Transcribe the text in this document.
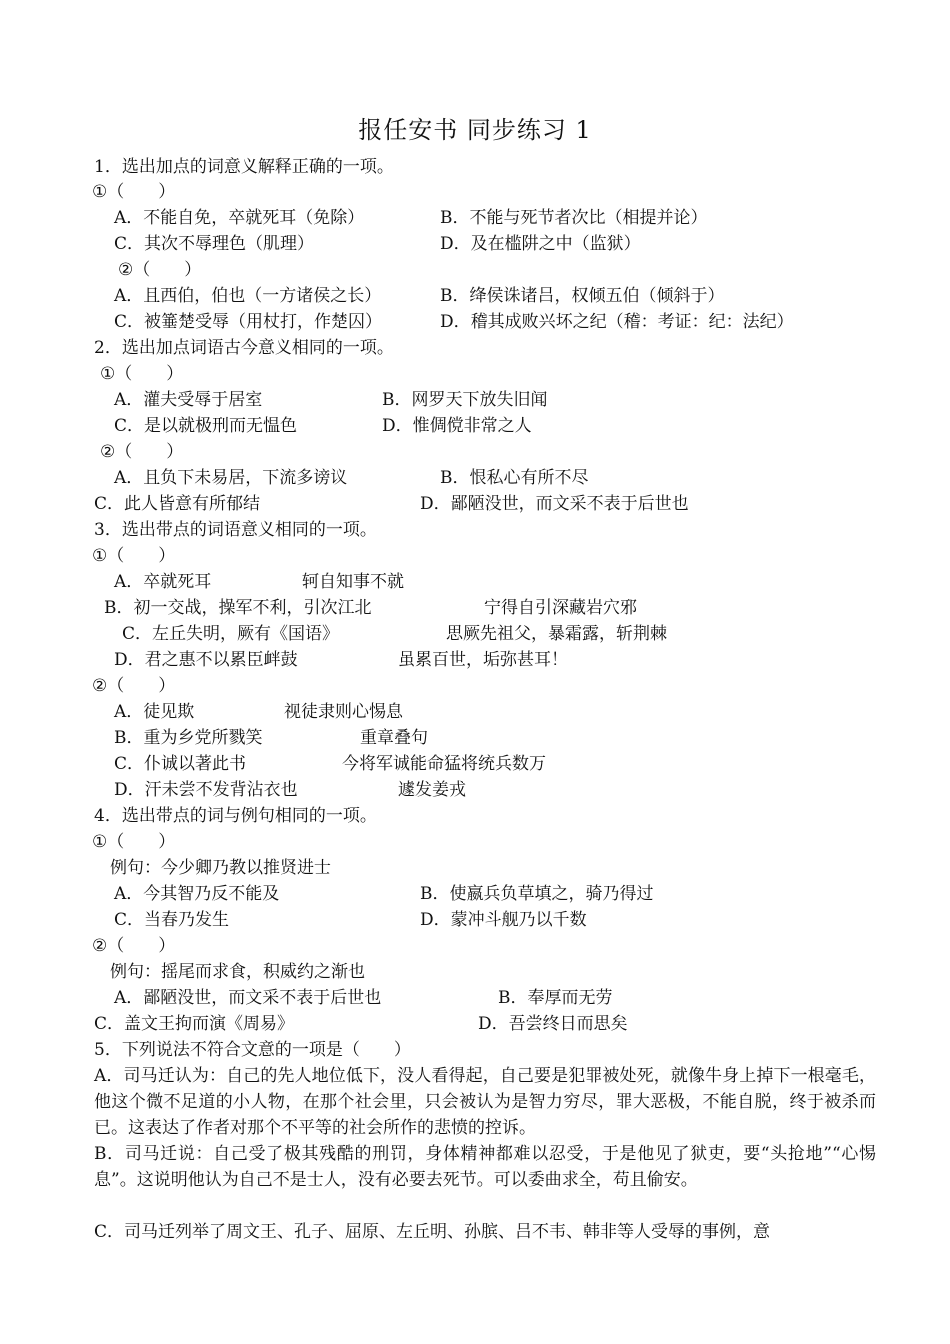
报任安书 同步练习 1
1．选出加点的词意义解释正确的一项。
①（　　）
A．不能自免，卒就死耳（免除）	B．不能与死节者次比（相提并论）
C．其次不辱理色（肌理）	D．及在槛阱之中（监狱）
②（　　）
A．且西伯，伯也（一方诸侯之长）	B．绛侯诛诸吕，权倾五伯（倾斜于）
C．被箠楚受辱（用杖打，作楚囚）	D．稽其成败兴坏之纪（稽：考证：纪：法纪）
2．选出加点词语古今意义相同的一项。
①（　　）
A．灌夫受辱于居室	B．网罗天下放失旧闻
C．是以就极刑而无愠色	D．惟倜傥非常之人
②（　　）
A．且负下未易居，下流多谤议	B．恨私心有所不尽
C．此人皆意有所郁结	D．鄙陋没世，而文采不表于后世也
3．选出带点的词语意义相同的一项。
①（　　）
A．卒就死耳	轲自知事不就
B．初一交战，操军不利，引次江北	宁得自引深藏岩穴邪
C．左丘失明，厥有《国语》	思厥先祖父，暴霜露，斩荆棘
D．君之惠不以累臣衅鼓	虽累百世，垢弥甚耳！
②（　　）
A．徒见欺	视徒隶则心惕息
B．重为乡党所戮笑	重章叠句
C．仆诚以著此书	今将军诚能命猛将统兵数万
D．汗未尝不发背沾衣也	遽发姜戎
4．选出带点的词与例句相同的一项。
①（　　）
例句：今少卿乃教以推贤进士
A．今其智乃反不能及	B．使嬴兵负草填之，骑乃得过
C．当春乃发生	D．蒙冲斗舰乃以千数
②（　　）
例句：摇尾而求食，积威约之渐也
A．鄙陋没世，而文采不表于后世也	B．奉厚而无劳
C．盖文王拘而演《周易》	D．吾尝终日而思矣
5．下列说法不符合文意的一项是（　　）
A．司马迁认为：自己的先人地位低下，没人看得起，自己要是犯罪被处死，就像牛身上掉下一根毫毛，他这个微不足道的小人物，在那个社会里，只会被认为是智力穷尽，罪大恶极，不能自脱，终于被杀而已。这表达了作者对那个不平等的社会所作的悲愤的控诉。
B．司马迁说：自己受了极其残酷的刑罚，身体精神都难以忍受，于是他见了狱吏，要“头抢地”“心惕息”。这说明他认为自己不是士人，没有必要去死节。可以委曲求全，苟且偷安。
C．司马迁列举了周文王、孔子、屈原、左丘明、孙膑、吕不韦、韩非等人受辱的事例，意
